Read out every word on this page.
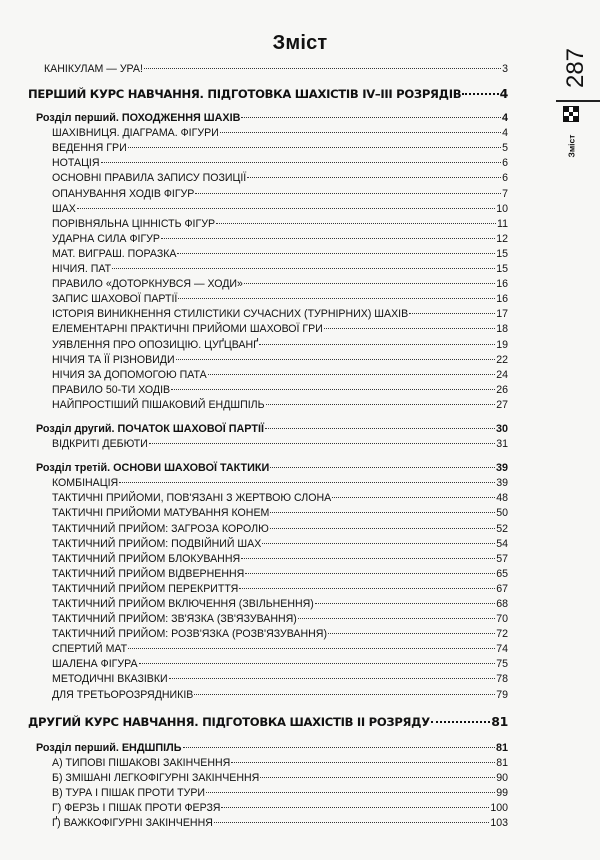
Зміст
КАНІКУЛАМ — УРА!	3
ПЕРШИЙ КУРС НАВЧАННЯ. ПІДГОТОВКА ШАХІСТІВ IV–III РОЗРЯДІВ	4
Розділ перший. ПОХОДЖЕННЯ ШАХІВ	4
ШАХІВНИЦЯ. ДІАГРАМА. ФІГУРИ	4
ВЕДЕННЯ ГРИ	5
НОТАЦІЯ	6
ОСНОВНІ ПРАВИЛА ЗАПИСУ ПОЗИЦІЇ	6
ОПАНУВАННЯ ХОДІВ ФІГУР	7
ШАХ	10
ПОРІВНЯЛЬНА ЦІННІСТЬ ФІГУР	11
УДАРНА СИЛА ФІГУР	12
МАТ. ВИГРАШ. ПОРАЗКА	15
НІЧИЯ. ПАТ	15
ПРАВИЛО «ДОТОРКНУВСЯ — ХОДИ»	16
ЗАПИС ШАХОВОЇ ПАРТІЇ	16
ІСТОРІЯ ВИНИКНЕННЯ СТИЛІСТИКИ СУЧАСНИХ (ТУРНІРНИХ) ШАХІВ	17
ЕЛЕМЕНТАРНІ ПРАКТИЧНІ ПРИЙОМИ ШАХОВОЇ ГРИ	18
УЯВЛЕННЯ ПРО ОПОЗИЦІЮ. ЦУҐЦВАНҐ	19
НІЧИЯ ТА ЇЇ РІЗНОВИДИ	22
НІЧИЯ ЗА ДОПОМОГОЮ ПАТА	24
ПРАВИЛО 50-ТИ ХОДІВ	26
НАЙПРОСТІШИЙ ПІШАКОВИЙ ЕНДШПІЛЬ	27
Розділ другий. ПОЧАТОК ШАХОВОЇ ПАРТІЇ	30
ВІДКРИТІ ДЕБЮТИ	31
Розділ третій. ОСНОВИ ШАХОВОЇ ТАКТИКИ	39
КОМБІНАЦІЯ	39
ТАКТИЧНІ ПРИЙОМИ, ПОВ'ЯЗАНІ З ЖЕРТВОЮ СЛОНА	48
ТАКТИЧНІ ПРИЙОМИ МАТУВАННЯ КОНЕМ	50
ТАКТИЧНИЙ ПРИЙОМ: ЗАГРОЗА КОРОЛЮ	52
ТАКТИЧНИЙ ПРИЙОМ: ПОДВІЙНИЙ ШАХ	54
ТАКТИЧНИЙ ПРИЙОМ БЛОКУВАННЯ	57
ТАКТИЧНИЙ ПРИЙОМ ВІДВЕРНЕННЯ	65
ТАКТИЧНИЙ ПРИЙОМ ПЕРЕКРИТТЯ	67
ТАКТИЧНИЙ ПРИЙОМ ВКЛЮЧЕННЯ (ЗВІЛЬНЕННЯ)	68
ТАКТИЧНИЙ ПРИЙОМ: ЗВ'ЯЗКА (ЗВ'ЯЗУВАННЯ)	70
ТАКТИЧНИЙ ПРИЙОМ: РОЗВ'ЯЗКА (РОЗВ'ЯЗУВАННЯ)	72
СПЕРТИЙ МАТ	74
ШАЛЕНА ФІГУРА	75
МЕТОДИЧНІ ВКАЗІВКИ	78
ДЛЯ ТРЕТЬОРОЗРЯДНИКІВ	79
ДРУГИЙ КУРС НАВЧАННЯ. ПІДГОТОВКА ШАХІСТІВ II РОЗРЯДУ	81
Розділ перший. ЕНДШПІЛЬ	81
А) ТИПОВІ ПІШАКОВІ ЗАКІНЧЕННЯ	81
Б) ЗМІШАНІ ЛЕГКОФІГУРНІ ЗАКІНЧЕННЯ	90
В) ТУРА І ПІШАК ПРОТИ ТУРИ	99
Г) ФЕРЗЬ І ПІШАК ПРОТИ ФЕРЗЯ	100
Ґ) ВАЖКОФІГУРНІ ЗАКІНЧЕННЯ	103
287
Зміст
